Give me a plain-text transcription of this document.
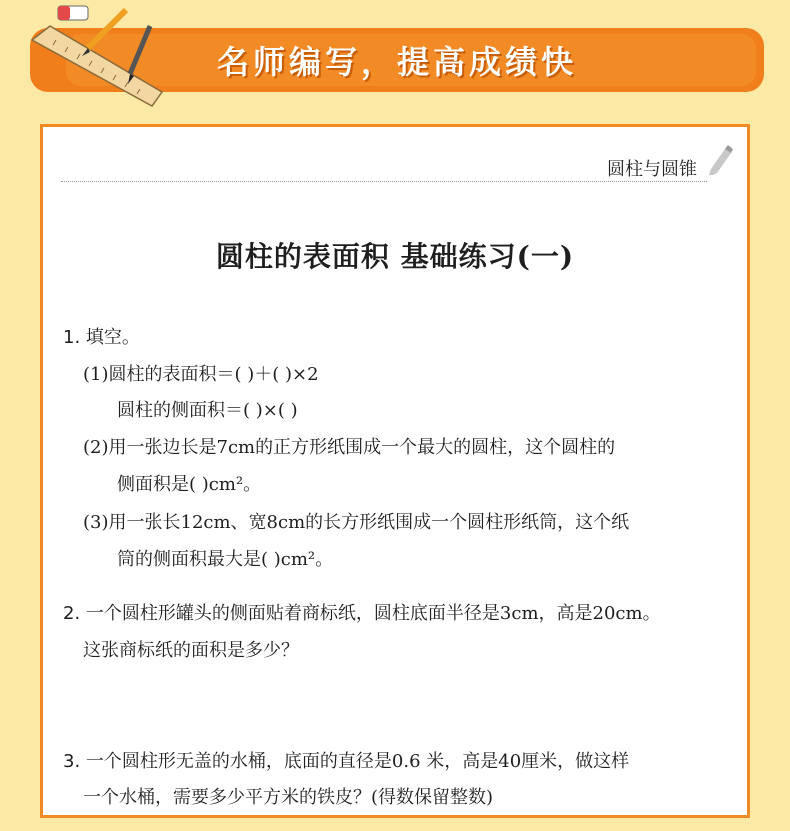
名师编写，提高成绩快
圆柱与圆锥
圆柱的表面积 基础练习(一)
1. 填空。
(1)圆柱的表面积＝( )＋( )×2
圆柱的侧面积＝( )×( )
(2)用一张边长是7cm的正方形纸围成一个最大的圆柱，这个圆柱的
侧面积是( )cm²。
(3)用一张长12cm、宽8cm的长方形纸围成一个圆柱形纸筒，这个纸
筒的侧面积最大是( )cm²。
2. 一个圆柱形罐头的侧面贴着商标纸，圆柱底面半径是3cm，高是20cm。
这张商标纸的面积是多少？
3. 一个圆柱形无盖的水桶，底面的直径是0.6 米，高是40厘米，做这样
一个水桶，需要多少平方米的铁皮？(得数保留整数)
